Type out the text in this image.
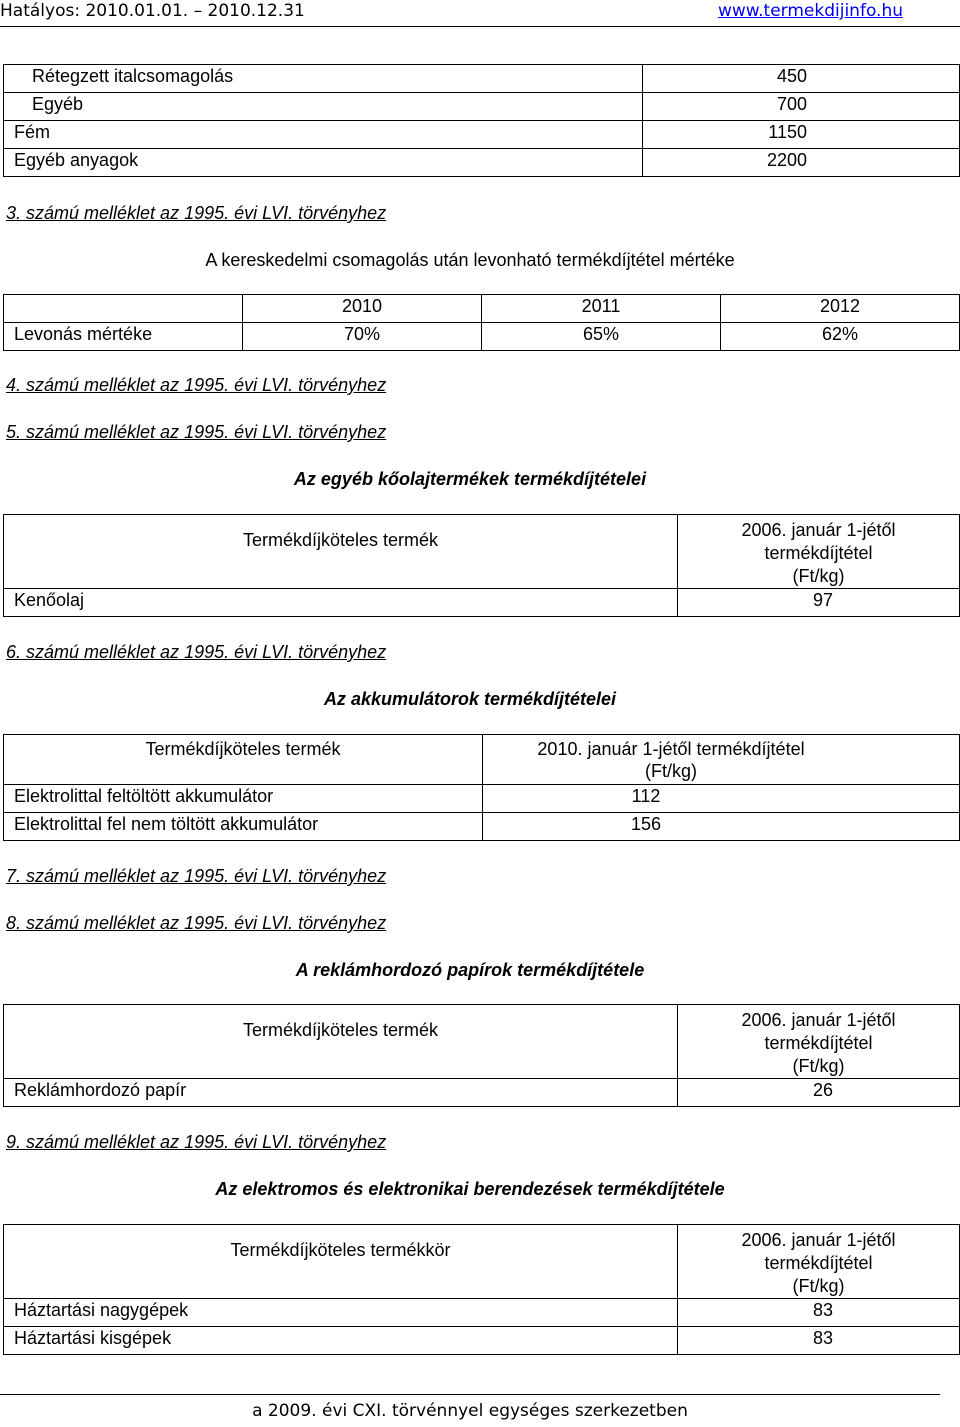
Hatályos: 2010.01.01. – 2010.12.31	www.termekdijinfo.hu
Rétegzett italcsomagolás	450
Egyéb	700
Fém	1150
Egyéb anyagok	2200
3. számú melléklet az 1995. évi LVI. törvényhez
A kereskedelmi csomagolás után levonható termékdíjtétel mértéke
	2010	2011	2012
Levonás mértéke	70%	65%	62%
4. számú melléklet az 1995. évi LVI. törvényhez
5. számú melléklet az 1995. évi LVI. törvényhez
Az egyéb kőolajtermékek termékdíjtételei
Termékdíjköteles termék	2006. január 1-jétől
termékdíjtétel
(Ft/kg)

Kenőolaj	97
6. számú melléklet az 1995. évi LVI. törvényhez
Az akkumulátorok termékdíjtételei
Termékdíjköteles termék	2010. január 1-jétől termékdíjtétel
(Ft/kg)

Elektrolittal feltöltött akkumulátor	112
Elektrolittal fel nem töltött akkumulátor	156
7. számú melléklet az 1995. évi LVI. törvényhez
8. számú melléklet az 1995. évi LVI. törvényhez
A reklámhordozó papírok termékdíjtétele
Termékdíjköteles termék	2006. január 1-jétől
termékdíjtétel
(Ft/kg)

Reklámhordozó papír	26
9. számú melléklet az 1995. évi LVI. törvényhez
Az elektromos és elektronikai berendezések termékdíjtétele
Termékdíjköteles termékkör	2006. január 1-jétől
termékdíjtétel
(Ft/kg)

Háztartási nagygépek	83
Háztartási kisgépek	83
a 2009. évi CXI. törvénnyel egységes szerkezetben
